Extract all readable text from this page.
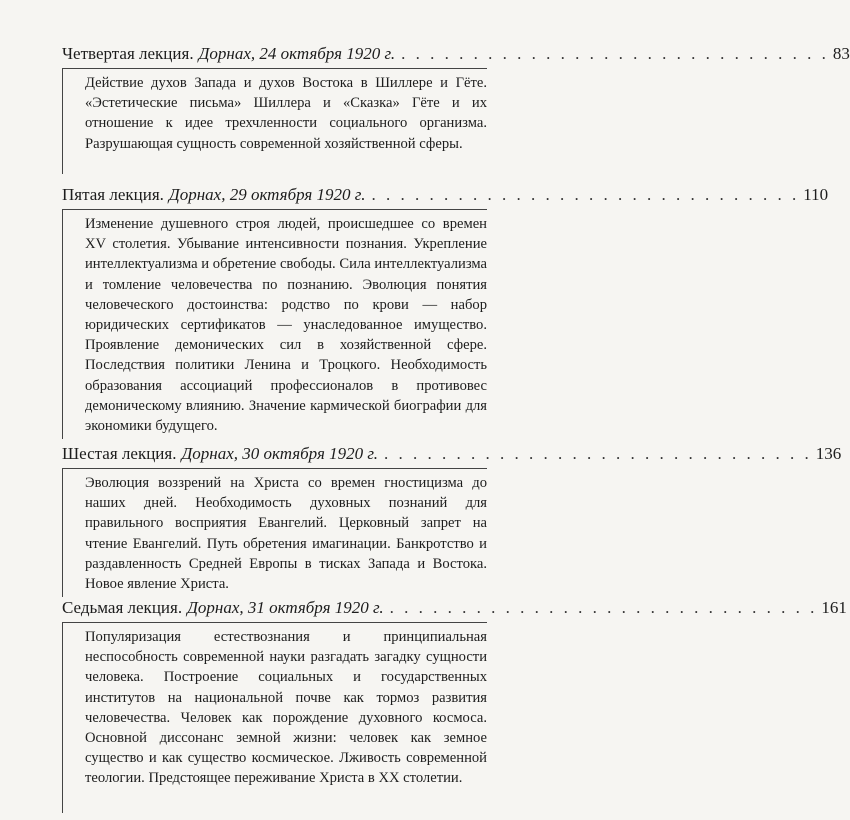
Четвертая лекция. Дорнах, 24 октября 1920 г. . . . . . . . . . . . . . . . . . . . . . . . . . . . . . . 83

Действие духов Запада и духов Востока в Шиллере и Гёте. «Эстетические письма» Шиллера и «Сказка» Гёте и их отношение к идее трехчленности социального организма. Разрушающая сущность современной хозяйственной сферы.

Пятая лекция. Дорнах, 29 октября 1920 г. . . . . . . . . . . . . . . . . . . . . . . . . . . . . . . 110

Изменение душевного строя людей, происшедшее со времен XV столетия. Убывание интенсивности познания. Укрепление интеллектуализма и обретение свободы. Сила интеллектуализма и томление человечества по познанию. Эволюция понятия человеческого достоинства: родство по крови — набор юридических сертификатов — унаследованное имущество. Проявление демонических сил в хозяйственной сфере. Последствия политики Ленина и Троцкого. Необходимость образования ассоциаций профессионалов в противовес демоническому влиянию. Значение кармической биографии для экономики будущего.

Шестая лекция. Дорнах, 30 октября 1920 г. . . . . . . . . . . . . . . . . . . . . . . . . . . . . . . 136

Эволюция воззрений на Христа со времен гностицизма до наших дней. Необходимость духовных познаний для правильного восприятия Евангелий. Церковный запрет на чтение Евангелий. Путь обретения имагинации. Банкротство и раздавленность Средней Европы в тисках Запада и Востока. Новое явление Христа.

Седьмая лекция. Дорнах, 31 октября 1920 г. . . . . . . . . . . . . . . . . . . . . . . . . . . . . . . 161

Популяризация естествознания и принципиальная неспособность современной науки разгадать загадку сущности человека. Построение социальных и государственных институтов на национальной почве как тормоз развития человечества. Человек как порождение духовного космоса. Основной диссонанс земной жизни: человек как земное существо и как существо космическое. Лживость современной теологии. Предстоящее переживание Христа в XX столетии.
